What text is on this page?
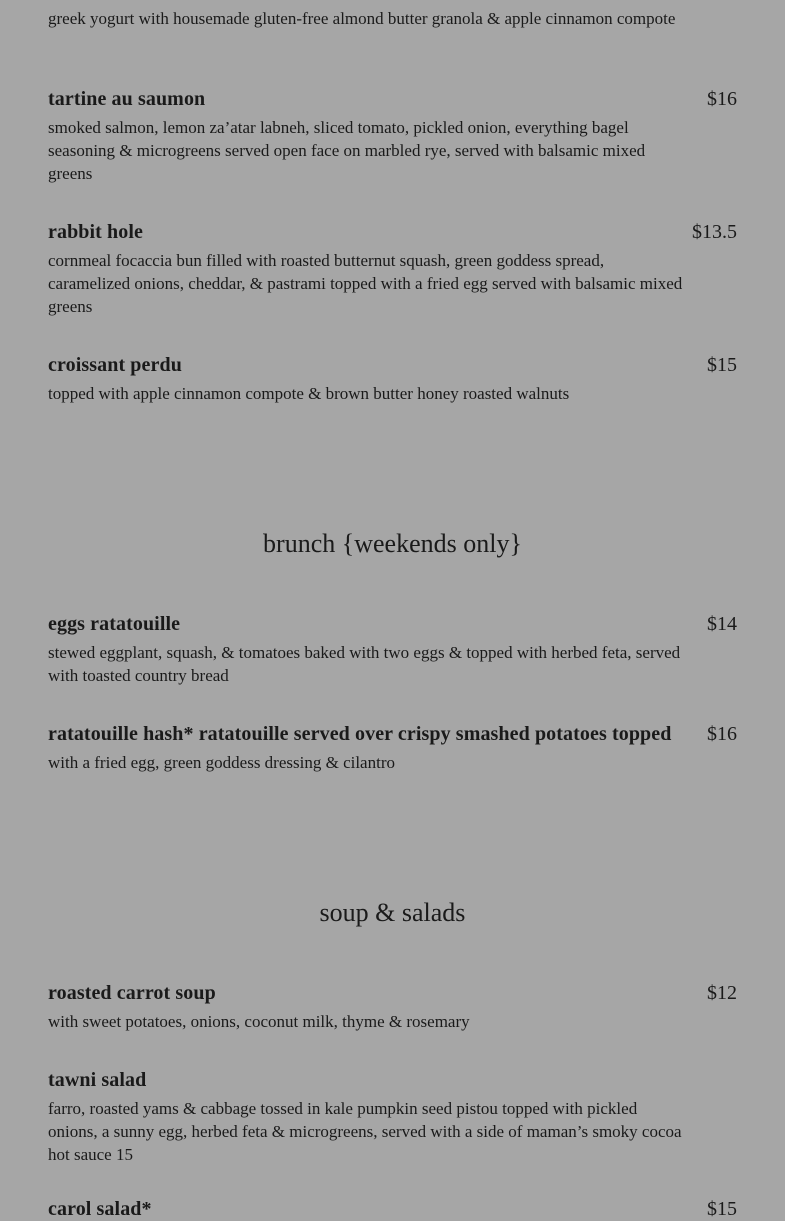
greek yogurt with housemade gluten-free almond butter granola & apple cinnamon compote
tartine au saumon	$16
smoked salmon, lemon za’atar labneh, sliced tomato, pickled onion, everything bagel seasoning & microgreens served open face on marbled rye, served with balsamic mixed greens
rabbit hole	$13.5
cornmeal focaccia bun filled with roasted butternut squash, green goddess spread, caramelized onions, cheddar, & pastrami topped with a fried egg served with balsamic mixed greens
croissant perdu	$15
topped with apple cinnamon compote & brown butter honey roasted walnuts
brunch {weekends only}
eggs ratatouille	$14
stewed eggplant, squash, & tomatoes baked with two eggs & topped with herbed feta, served with toasted country bread
ratatouille hash* ratatouille served over crispy smashed potatoes topped	$16
with a fried egg, green goddess dressing & cilantro
soup & salads
roasted carrot soup	$12
with sweet potatoes, onions, coconut milk, thyme & rosemary
tawni salad
farro, roasted yams & cabbage tossed in kale pumpkin seed pistou topped with pickled onions, a sunny egg, herbed feta & microgreens, served with a side of maman’s smoky cocoa hot sauce 15
carol salad*	$15
